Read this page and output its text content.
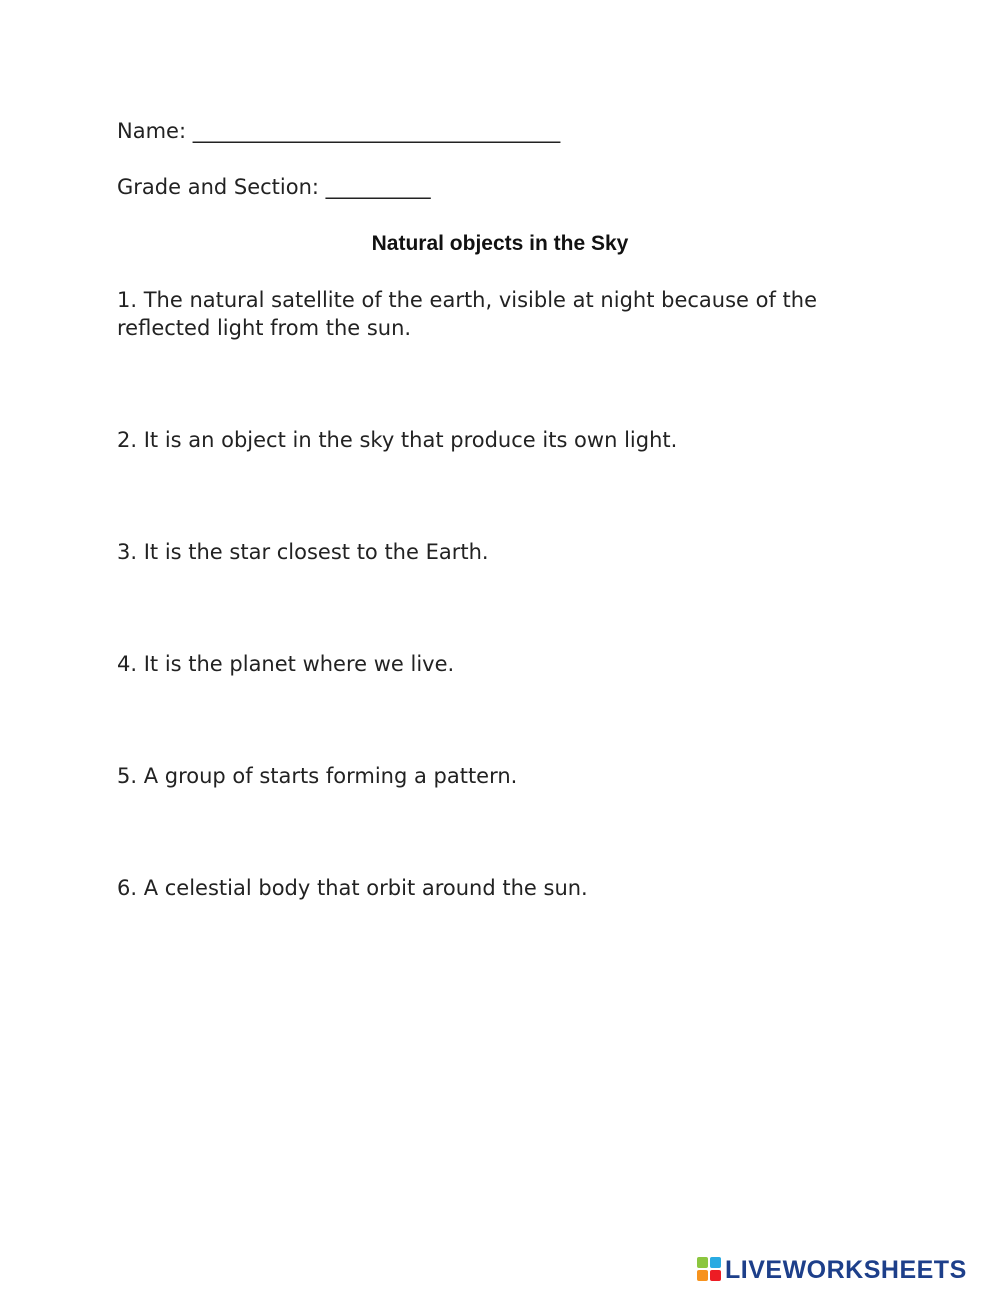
Name: ___________________________________
Grade and Section: __________
Natural objects in the Sky
1. The natural satellite of the earth, visible at night because of the reflected light from the sun.
2. It is an object in the sky that produce its own light.
3. It is the star closest to the Earth.
4. It is the planet where we live.
5. A group of starts forming a pattern.
6. A celestial body that orbit around the sun.
LIVEWORKSHEETS
